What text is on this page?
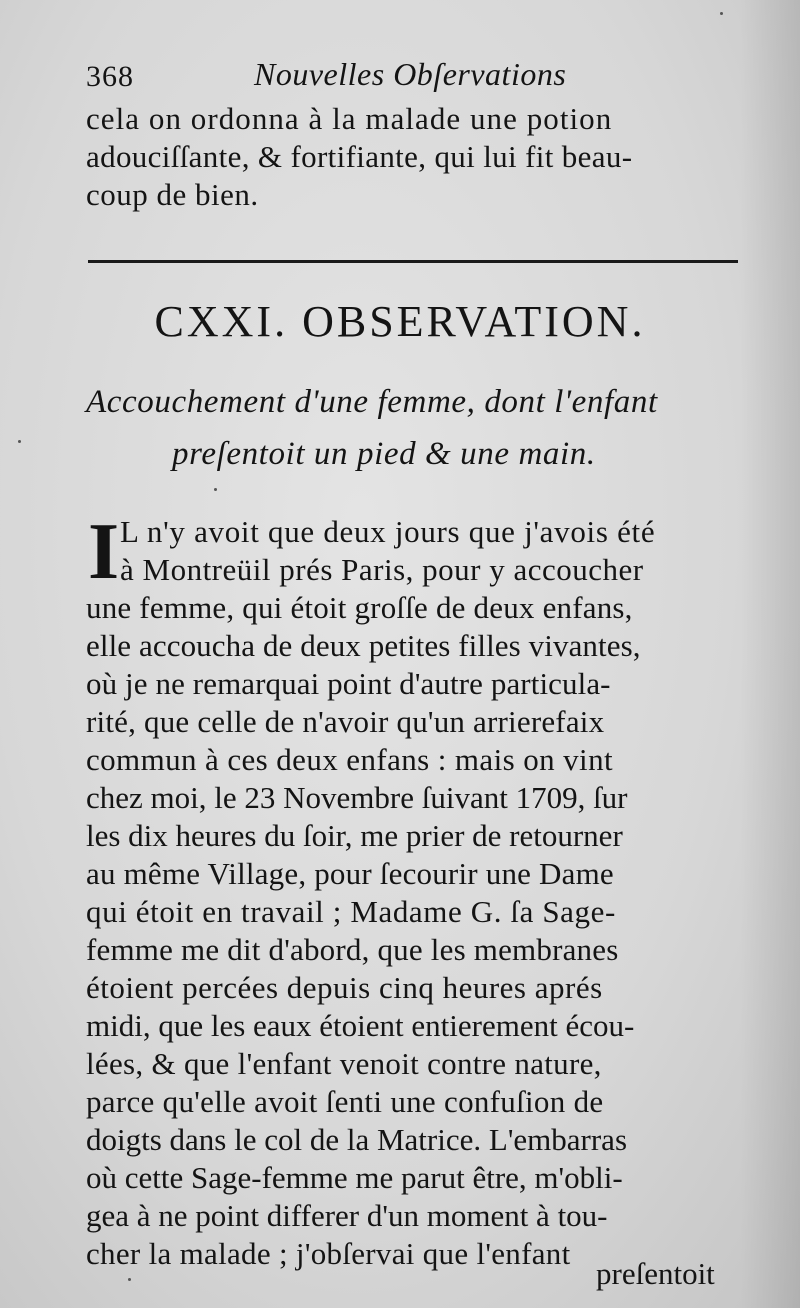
368	Nouvelles Obſervations
cela on ordonna à la malade une potion
adouciſſante, & fortifiante, qui lui fit beau-
coup de bien.
CXXI. OBSERVATION.
Accouchement d'une femme, dont l'enfant
preſentoit un pied & une main.
I L n'y avoit que deux jours que j'avois été
à Montreüil prés Paris, pour y accoucher
une femme, qui étoit groſſe de deux enfans,
elle accoucha de deux petites filles vivantes,
où je ne remarquai point d'autre particula-
rité, que celle de n'avoir qu'un arrierefaix
commun à ces deux enfans : mais on vint
chez moi, le 23 Novembre ſuivant 1709, ſur
les dix heures du ſoir, me prier de retourner
au même Village, pour ſecourir une Dame
qui étoit en travail ; Madame G. ſa Sage-
femme me dit d'abord, que les membranes
étoient percées depuis cinq heures aprés
midi, que les eaux étoient entierement écou-
lées, & que l'enfant venoit contre nature,
parce qu'elle avoit ſenti une confuſion de
doigts dans le col de la Matrice. L'embarras
où cette Sage-femme me parut être, m'obli-
gea à ne point differer d'un moment à tou-
cher la malade ; j'obſervai que l'enfant
preſentoit
